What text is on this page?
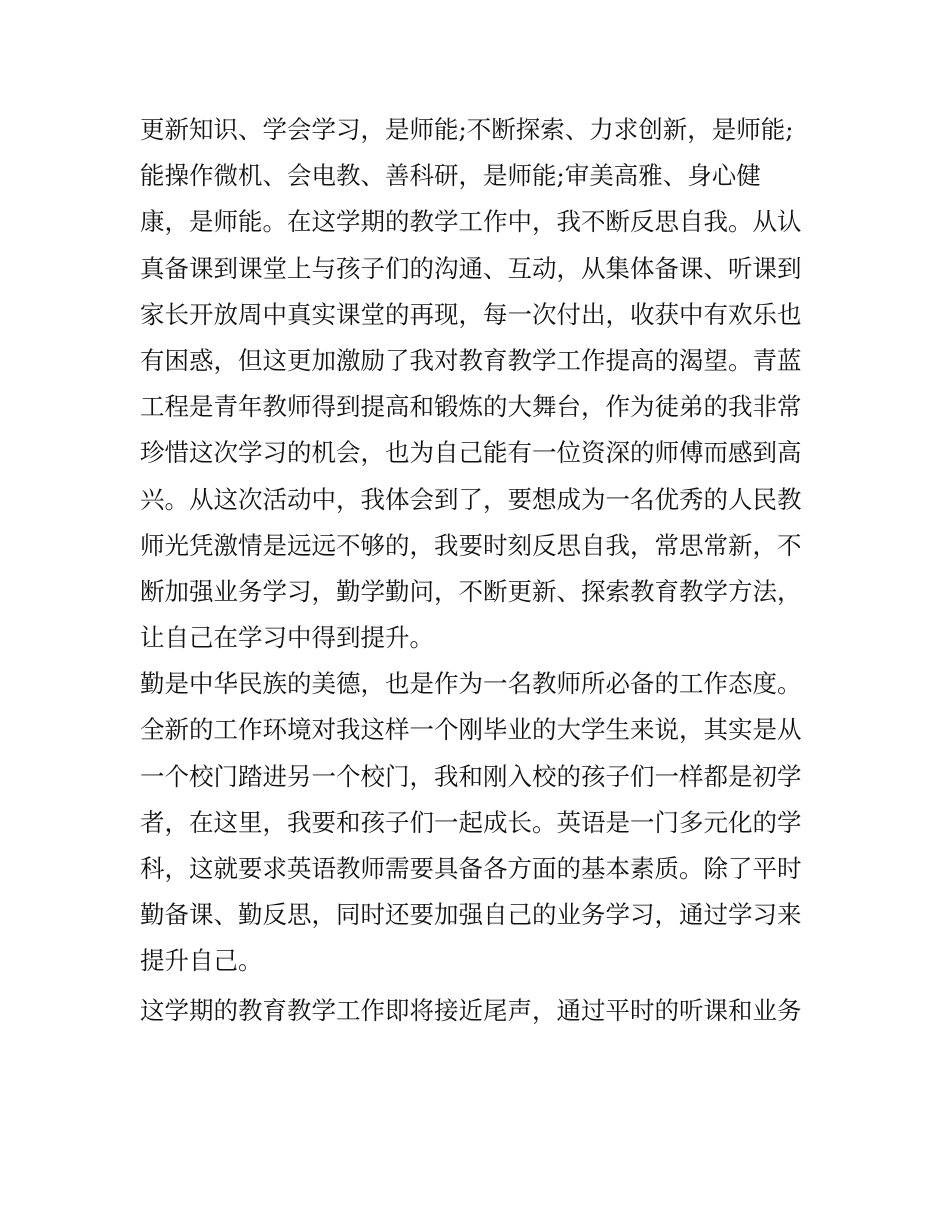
更新知识、学会学习，是师能;不断探索、力求创新，是师能;
能操作微机、会电教、善科研，是师能;审美高雅、身心健
康，是师能。在这学期的教学工作中，我不断反思自我。从认
真备课到课堂上与孩子们的沟通、互动，从集体备课、听课到
家长开放周中真实课堂的再现，每一次付出，收获中有欢乐也
有困惑，但这更加激励了我对教育教学工作提高的渴望。青蓝
工程是青年教师得到提高和锻炼的大舞台，作为徒弟的我非常
珍惜这次学习的机会，也为自己能有一位资深的师傅而感到高
兴。从这次活动中，我体会到了，要想成为一名优秀的人民教
师光凭激情是远远不够的，我要时刻反思自我，常思常新，不
断加强业务学习，勤学勤问，不断更新、探索教育教学方法，
让自己在学习中得到提升。
勤是中华民族的美德，也是作为一名教师所必备的工作态度。
全新的工作环境对我这样一个刚毕业的大学生来说，其实是从
一个校门踏进另一个校门，我和刚入校的孩子们一样都是初学
者，在这里，我要和孩子们一起成长。英语是一门多元化的学
科，这就要求英语教师需要具备各方面的基本素质。除了平时
勤备课、勤反思，同时还要加强自己的业务学习，通过学习来
提升自己。
这学期的教育教学工作即将接近尾声，通过平时的听课和业务
